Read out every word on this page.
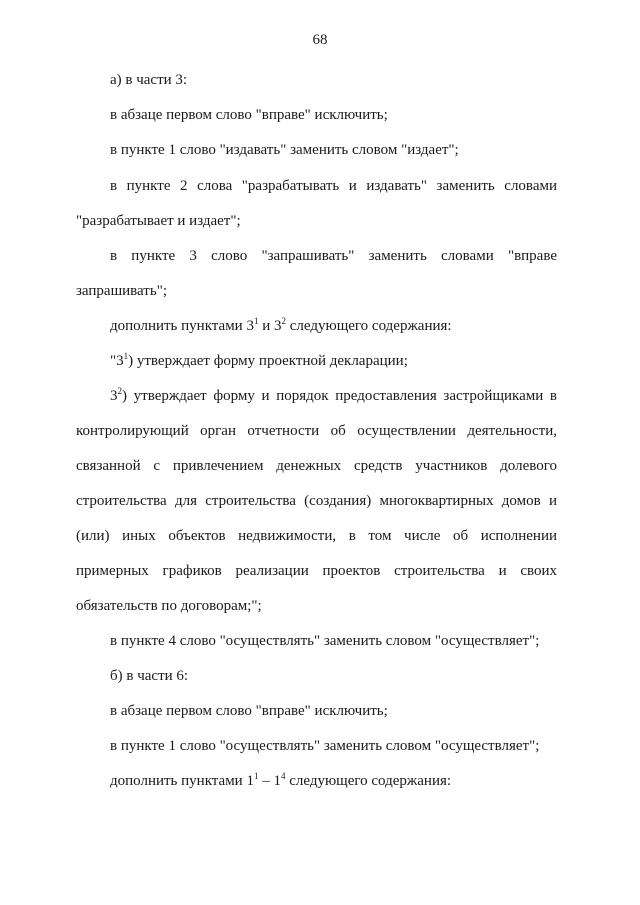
68
а) в части 3:
в абзаце первом слово "вправе" исключить;
в пункте 1 слово "издавать" заменить словом "издает";
в пункте 2 слова "разрабатывать и издавать" заменить словами
"разрабатывает и издает";
в пункте 3 слово "запрашивать" заменить словами "вправе
запрашивать";
дополнить пунктами $3^1$ и $3^2$ следующего содержания:
"$3^1$) утверждает форму проектной декларации;
$3^2$) утверждает форму и порядок предоставления застройщиками в
контролирующий орган отчетности об осуществлении деятельности,
связанной с привлечением денежных средств участников долевого
строительства для строительства (создания) многоквартирных домов и
(или) иных объектов недвижимости, в том числе об исполнении
примерных графиков реализации проектов строительства и своих
обязательств по договорам;";
в пункте 4 слово "осуществлять" заменить словом "осуществляет";
б) в части 6:
в абзаце первом слово "вправе" исключить;
в пункте 1 слово "осуществлять" заменить словом "осуществляет";
дополнить пунктами $1^1 - 1^4$ следующего содержания:
